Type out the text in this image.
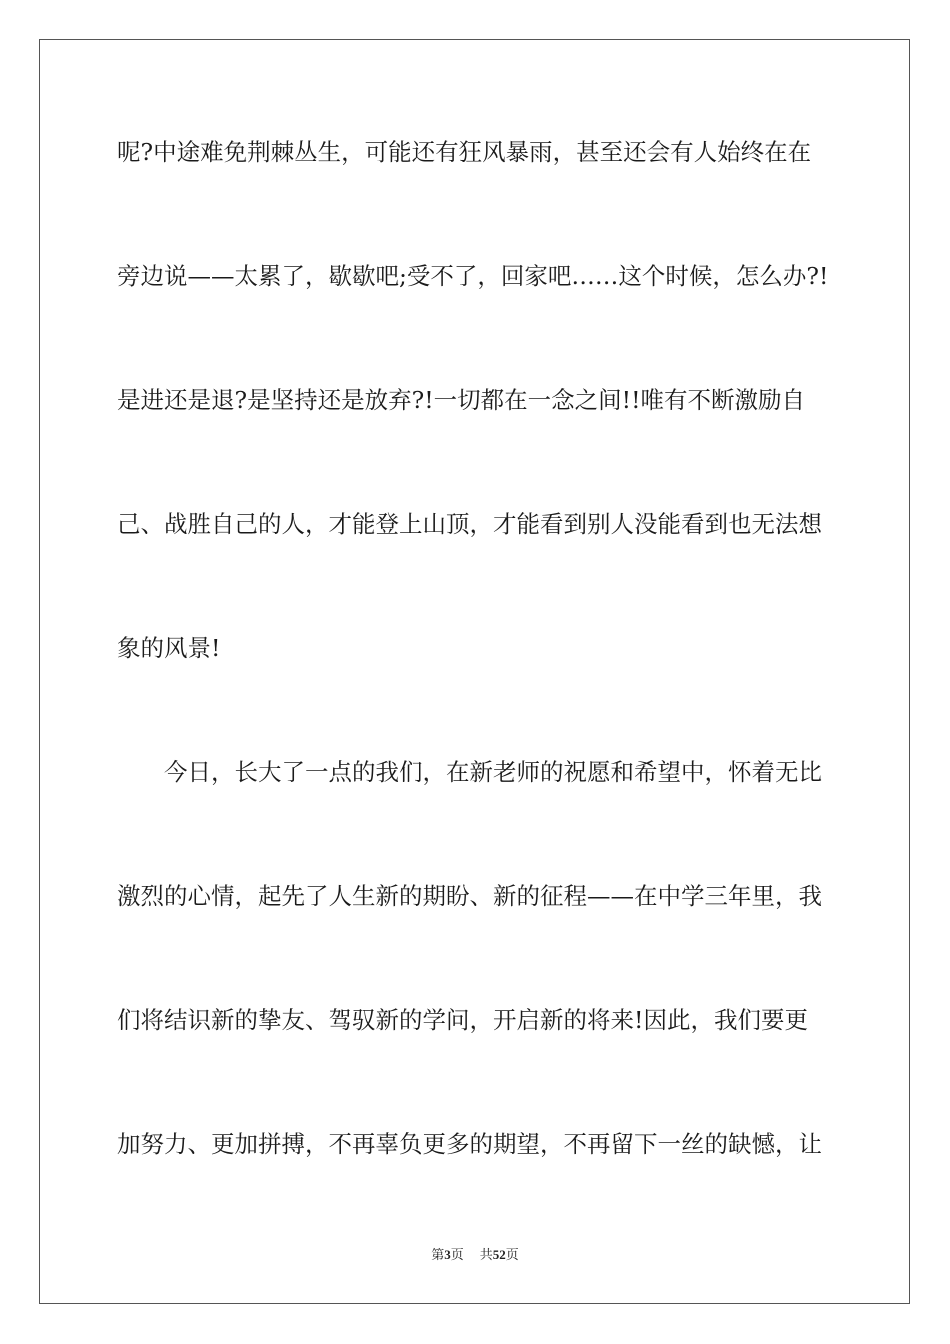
呢?中途难免荆棘丛生，可能还有狂风暴雨，甚至还会有人始终在在
旁边说——太累了，歇歇吧;受不了，回家吧……这个时候，怎么办?!
是进还是退?是坚持还是放弃?!一切都在一念之间!!唯有不断激励自
己、战胜自己的人，才能登上山顶，才能看到别人没能看到也无法想
象的风景!
今日，长大了一点的我们，在新老师的祝愿和希望中，怀着无比
激烈的心情，起先了人生新的期盼、新的征程——在中学三年里，我
们将结识新的挚友、驾驭新的学问，开启新的将来!因此，我们要更
加努力、更加拼搏，不再辜负更多的期望，不再留下一丝的缺憾，让
第3页 共52页
